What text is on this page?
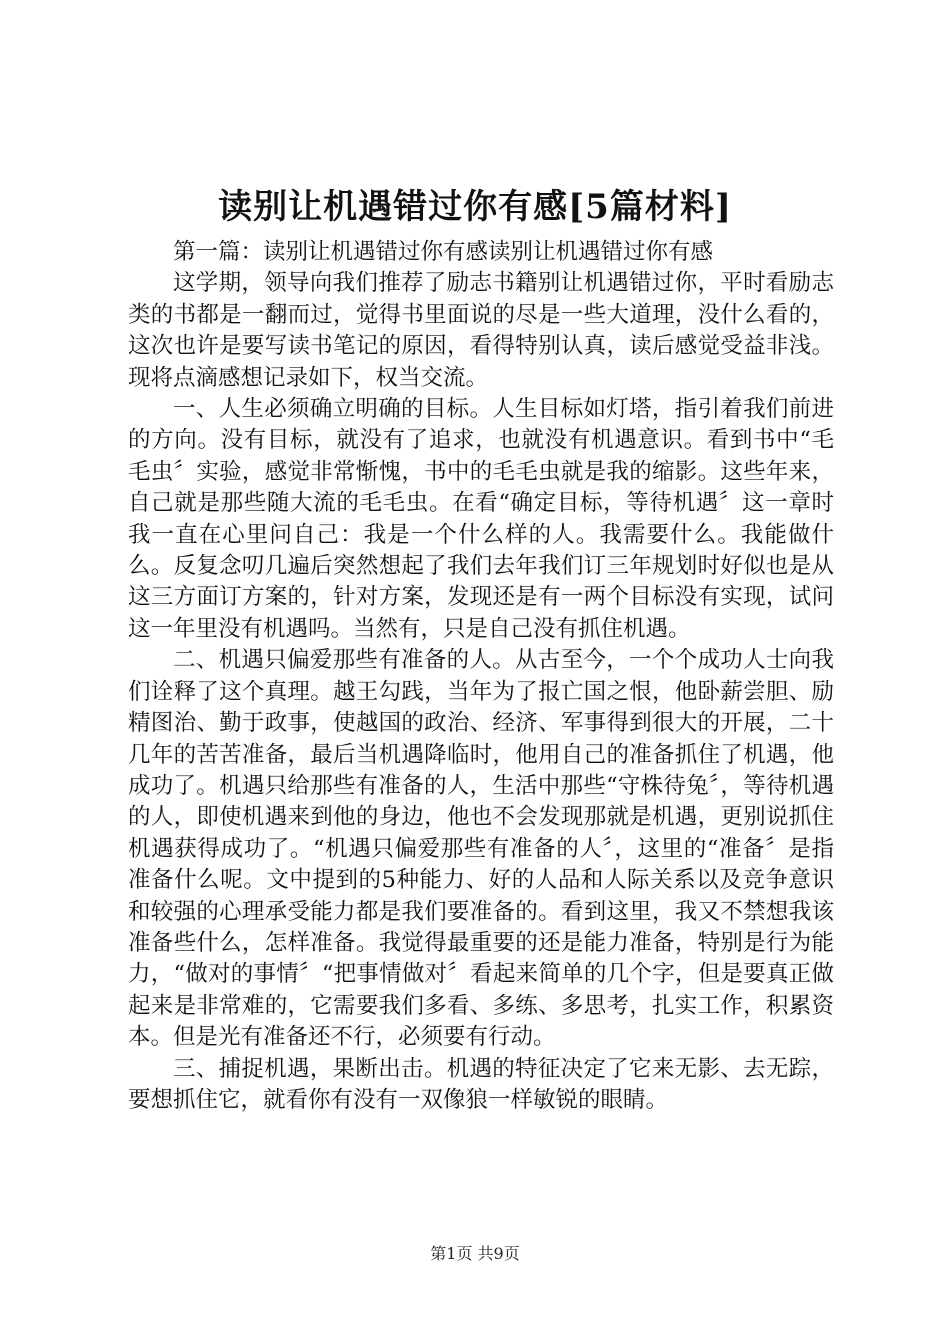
读别让机遇错过你有感[5篇材料]

第一篇：读别让机遇错过你有感读别让机遇错过你有感

这学期，领导向我们推荐了励志书籍别让机遇错过你，平时看励志类的书都是一翻而过，觉得书里面说的尽是一些大道理，没什么看的，这次也许是要写读书笔记的原因，看得特别认真，读后感觉受益非浅。现将点滴感想记录如下，权当交流。

一、人生必须确立明确的目标。人生目标如灯塔，指引着我们前进的方向。没有目标，就没有了追求，也就没有机遇意识。看到书中“毛毛虫〞实验，感觉非常惭愧，书中的毛毛虫就是我的缩影。这些年来，自己就是那些随大流的毛毛虫。在看“确定目标，等待机遇〞这一章时我一直在心里问自己：我是一个什么样的人。我需要什么。我能做什么。反复念叨几遍后突然想起了我们去年我们订三年规划时好似也是从这三方面订方案的，针对方案，发现还是有一两个目标没有实现，试问这一年里没有机遇吗。当然有，只是自己没有抓住机遇。

二、机遇只偏爱那些有准备的人。从古至今，一个个成功人士向我们诠释了这个真理。越王勾践，当年为了报亡国之恨，他卧薪尝胆、励精图治、勤于政事，使越国的政治、经济、军事得到很大的开展，二十几年的苦苦准备，最后当机遇降临时，他用自己的准备抓住了机遇，他成功了。机遇只给那些有准备的人，生活中那些“守株待兔〞，等待机遇的人，即使机遇来到他的身边，他也不会发现那就是机遇，更别说抓住机遇获得成功了。“机遇只偏爱那些有准备的人〞，这里的“准备〞是指准备什么呢。文中提到的5种能力、好的人品和人际关系以及竞争意识和较强的心理承受能力都是我们要准备的。看到这里，我又不禁想我该准备些什么，怎样准备。我觉得最重要的还是能力准备，特别是行为能力，“做对的事情〞“把事情做对〞看起来简单的几个字，但是要真正做起来是非常难的，它需要我们多看、多练、多思考，扎实工作，积累资本。但是光有准备还不行，必须要有行动。

三、捕捉机遇，果断出击。机遇的特征决定了它来无影、去无踪，要想抓住它，就看你有没有一双像狼一样敏锐的眼睛。

第1页 共9页
